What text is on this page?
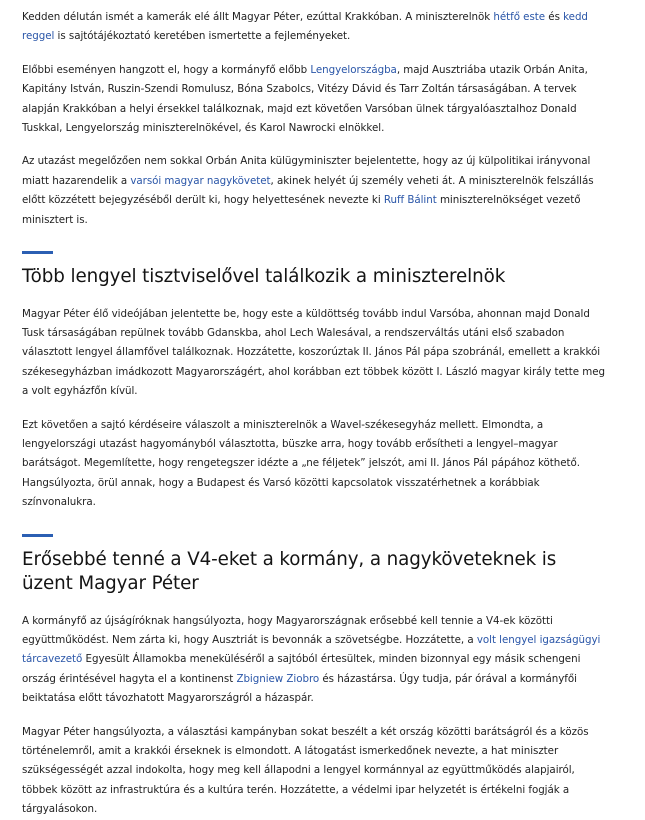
Kedden délután ismét a kamerák elé állt Magyar Péter, ezúttal Krakkóban. A miniszterelnök hétfő este és kedd reggel is sajtótájékoztató keretében ismertette a fejleményeket.

Előbbi eseményen hangzott el, hogy a kormányfő előbb Lengyelországba, majd Ausztriába utazik Orbán Anita, Kapitány István, Ruszin-Szendi Romulusz, Bóna Szabolcs, Vitézy Dávid és Tarr Zoltán társaságában. A tervek alapján Krakkóban a helyi érsekkel találkoznak, majd ezt követően Varsóban ülnek tárgyalóasztalhoz Donald Tuskkal, Lengyelország miniszterelnökével, és Karol Nawrocki elnökkel.

Az utazást megelőzően nem sokkal Orbán Anita külügyminiszter bejelentette, hogy az új külpolitikai irányvonal miatt hazarendelik a varsói magyar nagykövetet, akinek helyét új személy veheti át. A miniszterelnök felszállás előtt közzétett bejegyzéséből derült ki, hogy helyettesének nevezte ki Ruff Bálint miniszterelnökséget vezető minisztert is.

Több lengyel tisztviselővel találkozik a miniszterelnök

Magyar Péter élő videójában jelentette be, hogy este a küldöttség tovább indul Varsóba, ahonnan majd Donald Tusk társaságában repülnek tovább Gdanskba, ahol Lech Walesával, a rendszerváltás utáni első szabadon választott lengyel államfővel találkoznak. Hozzátette, koszorúztak II. János Pál pápa szobránál, emellett a krakkói székesegyházban imádkozott Magyarországért, ahol korábban ezt többek között I. László magyar király tette meg a volt egyházfőn kívül.

Ezt követően a sajtó kérdéseire válaszolt a miniszterelnök a Wavel-székesegyház mellett. Elmondta, a lengyelországi utazást hagyományból választotta, büszke arra, hogy tovább erősítheti a lengyel–magyar barátságot. Megemlítette, hogy rengetegszer idézte a „ne féljetek” jelszót, ami II. János Pál pápához köthető. Hangsúlyozta, örül annak, hogy a Budapest és Varsó közötti kapcsolatok visszatérhetnek a korábbiak színvonalukra.

Erősebbé tenné a V4-eket a kormány, a nagyköveteknek is üzent Magyar Péter

A kormányfő az újságíróknak hangsúlyozta, hogy Magyarországnak erősebbé kell tennie a V4-ek közötti együttműködést. Nem zárta ki, hogy Ausztriát is bevonnák a szövetségbe. Hozzátette, a volt lengyel igazságügyi tárcavezető Egyesült Államokba meneküléséről a sajtóból értesültek, minden bizonnyal egy másik schengeni ország érintésével hagyta el a kontinenst Zbigniew Ziobro és házastársa. Úgy tudja, pár órával a kormányfői beiktatása előtt távozhatott Magyarországról a házaspár.

Magyar Péter hangsúlyozta, a választási kampányban sokat beszélt a két ország közötti barátságról és a közös történelemről, amit a krakkói érseknek is elmondott. A látogatást ismerkedőnek nevezte, a hat miniszter szükségességét azzal indokolta, hogy meg kell állapodni a lengyel kormánnyal az együttműködés alapjairól, többek között az infrastruktúra és a kultúra terén. Hozzátette, a védelmi ipar helyzetét is értékelni fogják a tárgyalásokon.
